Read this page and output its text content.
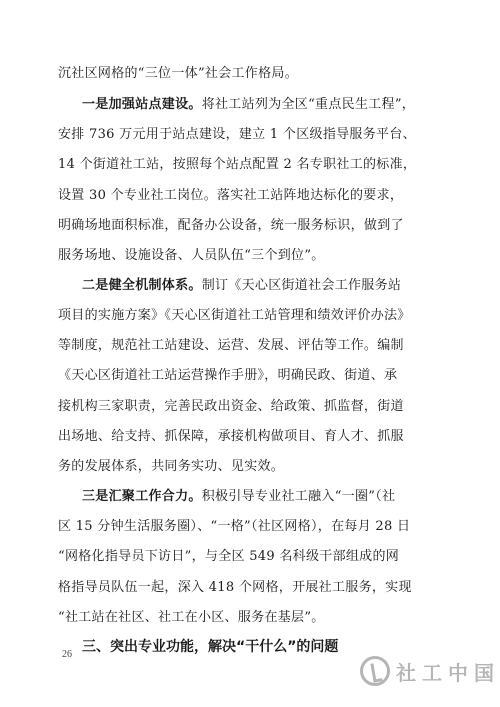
沉社区网格的“三位一体”社会工作格局。
一是加强站点建设。将社工站列为全区“重点民生工程”，
安排 736 万元用于站点建设，建立 1 个区级指导服务平台、
14 个街道社工站，按照每个站点配置 2 名专职社工的标准，
设置 30 个专业社工岗位。落实社工站阵地达标化的要求，
明确场地面积标准，配备办公设备，统一服务标识，做到了
服务场地、设施设备、人员队伍“三个到位”。
二是健全机制体系。制订《天心区街道社会工作服务站
项目的实施方案》《天心区街道社工站管理和绩效评价办法》
等制度，规范社工站建设、运营、发展、评估等工作。编制
《天心区街道社工站运营操作手册》，明确民政、街道、承
接机构三家职责，完善民政出资金、给政策、抓监督，街道
出场地、给支持、抓保障，承接机构做项目、育人才、抓服
务的发展体系，共同务实功、见实效。
三是汇聚工作合力。积极引导专业社工融入“一圈”（社
区 15 分钟生活服务圈）、“一格”（社区网格），在每月 28 日
“网格化指导员下访日”，与全区 549 名科级干部组成的网
格指导员队伍一起，深入 418 个网格，开展社工服务，实现
“社工站在社区、社工在小区、服务在基层”。
三、突出专业功能，解决“干什么”的问题
26
社工中国
